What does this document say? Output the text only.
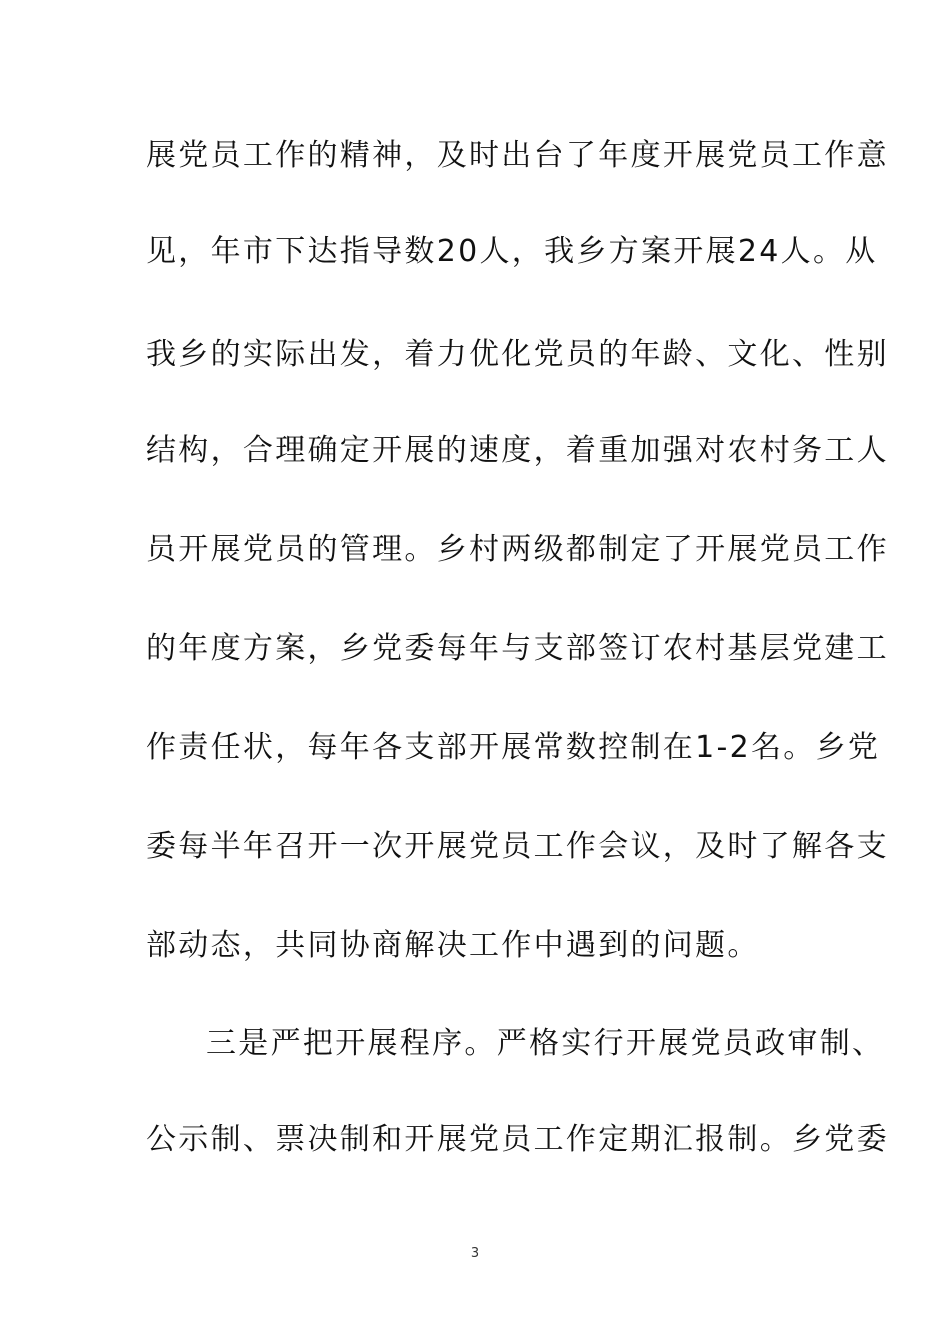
展党员工作的精神，及时出台了年度开展党员工作意
见，年市下达指导数20人，我乡方案开展24人。从
我乡的实际出发，着力优化党员的年龄、文化、性别
结构，合理确定开展的速度，着重加强对农村务工人
员开展党员的管理。乡村两级都制定了开展党员工作
的年度方案，乡党委每年与支部签订农村基层党建工
作责任状，每年各支部开展常数控制在1-2名。乡党
委每半年召开一次开展党员工作会议，及时了解各支
部动态，共同协商解决工作中遇到的问题。
三是严把开展程序。严格实行开展党员政审制、
公示制、票决制和开展党员工作定期汇报制。乡党委
3
